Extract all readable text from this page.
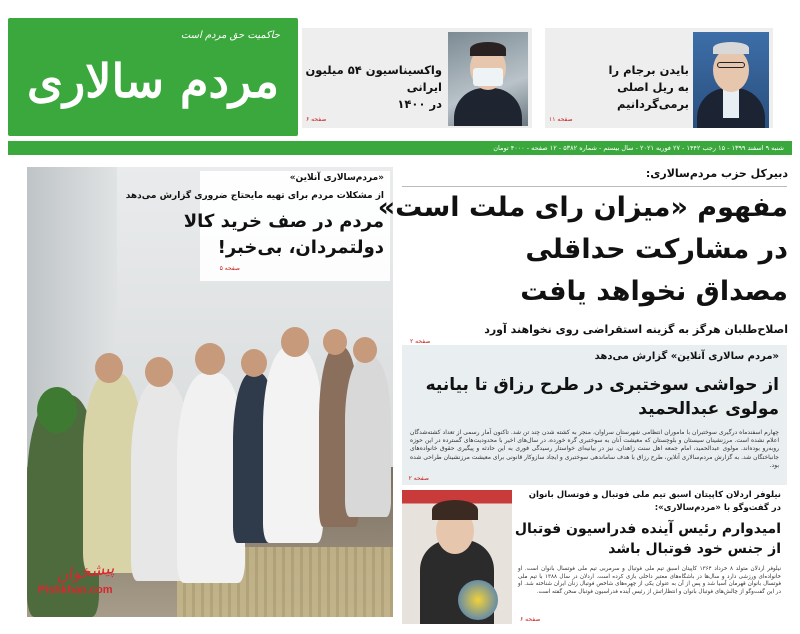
حاکمیت حق مردم است
مردم سالاری	واکسیناسیون ۵۴ میلیون ایرانی
در ۱۴۰۰
صفحه ۶
بایدن برجام را
به ریل اصلی برمی‌گردانیم
صفحه ۱۱
شنبه ۹ اسفند ۱۳۹۹ - ۱۵ رجب ۱۴۴۲ - ۲۷ فوریه ۲۰۲۱ - سال بیستم - شماره ۵۳۸۲ - ۱۲ صفحه - ۴۰۰۰ تومان
«مردم‌سالاری آنلاین»
از مشکلات مردم برای تهیه مایحتاج ضروری گزارش می‌دهد
مردم در صف خرید کالا
دولتمردان، بی‌خبر!
صفحه ۵
پیشخوان
Pishkhan.com
دبیرکل حزب مردم‌سالاری:
مفهوم «میزان رای ملت است»
در مشارکت حداقلی
مصداق نخواهد یافت
اصلاح‌طلبان هرگز به گزینه استقراضی روی نخواهند آورد
صفحه ۲
«مردم سالاری آنلاین» گزارش می‌دهد
از حواشی سوختبری در طرح رزاق تا بیانیه
مولوی عبدالحمید
چهارم اسفندماه درگیری سوختبران با ماموران انتظامی شهرستان سراوان، منجر به کشته شدن چند تن شد. تاکنون آمار رسمی از تعداد کشته‌شدگان اعلام نشده است. مرزنشینان سیستان و بلوچستان که معیشت آنان به سوختبری گره خورده، در سال‌های اخیر با محدودیت‌های گسترده در این حوزه روبه‌رو بوده‌اند. مولوی عبدالحمید، امام جمعه اهل سنت زاهدان، نیز در بیانیه‌ای خواستار رسیدگی فوری به این حادثه و پیگیری حقوق خانواده‌های جانباختگان شد. به گزارش مردم‌سالاری آنلاین، طرح رزاق با هدف ساماندهی سوختبری و ایجاد سازوکار قانونی برای معیشت مرزنشینان طراحی شده بود.
صفحه ۲
نیلوفر اردلان کاپیتان اسبق تیم ملی فوتبال و فوتسال بانوان
در گفت‌وگو با «مردم‌سالاری»:
امیدوارم رئیس آینده فدراسیون فوتبال
از جنس خود فوتبال باشد
نیلوفر اردلان متولد ۸ خرداد ۱۳۶۴ کاپیتان اسبق تیم ملی فوتبال و سرمربی تیم ملی فوتسال بانوان است. او خانواده‌ای ورزشی دارد و سال‌ها در باشگاه‌های معتبر داخلی بازی کرده است. اردلان در سال ۱۳۸۸ با تیم ملی فوتسال بانوان قهرمان آسیا شد و پس از آن به عنوان یکی از چهره‌های شاخص فوتبال زنان ایران شناخته شد. او در این گفت‌وگو از چالش‌های فوتبال بانوان و انتظاراتش از رئیس آینده فدراسیون فوتبال سخن گفته است.
صفحه ۶
